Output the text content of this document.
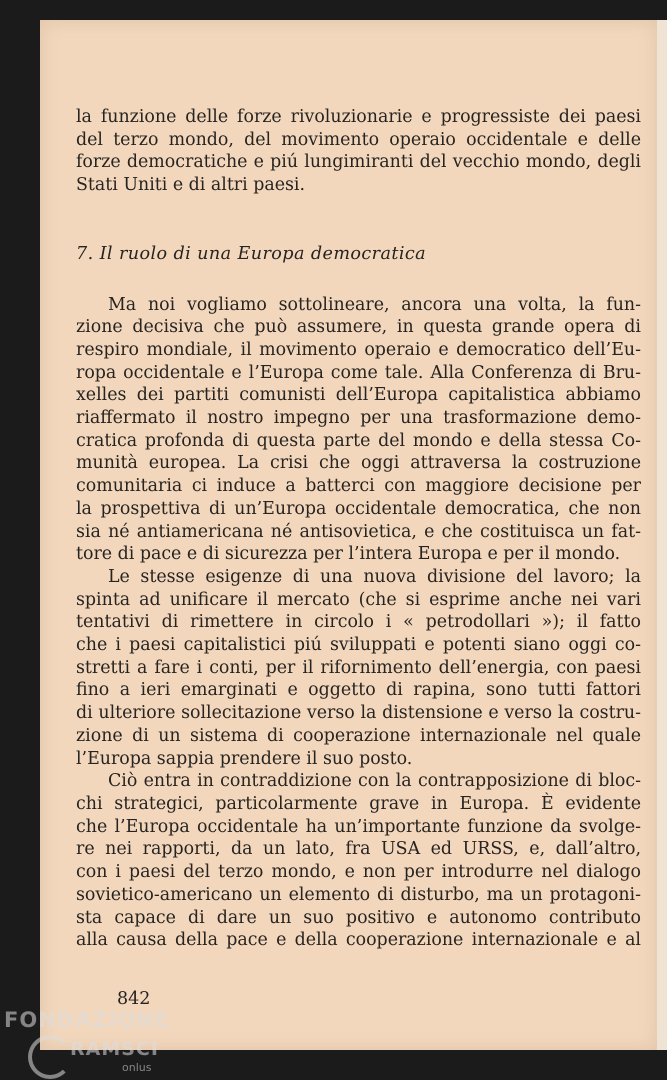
la funzione delle forze rivoluzionarie e progressiste dei paesi

del terzo mondo, del movimento operaio occidentale e delle

forze democratiche e piú lungimiranti del vecchio mondo, degli

Stati Uniti e di altri paesi.

7. Il ruolo di una Europa democratica

Ma noi vogliamo sottolineare, ancora una volta, la fun-

zione decisiva che può assumere, in questa grande opera di

respiro mondiale, il movimento operaio e democratico dell’Eu-

ropa occidentale e l’Europa come tale. Alla Conferenza di Bru-

xelles dei partiti comunisti dell’Europa capitalistica abbiamo

riaffermato il nostro impegno per una trasformazione demo-

cratica profonda di questa parte del mondo e della stessa Co-

munità europea. La crisi che oggi attraversa la costruzione

comunitaria ci induce a batterci con maggiore decisione per

la prospettiva di un’Europa occidentale democratica, che non

sia né antiamericana né antisovietica, e che costituisca un fat-

tore di pace e di sicurezza per l’intera Europa e per il mondo.

Le stesse esigenze di una nuova divisione del lavoro; la

spinta ad unificare il mercato (che si esprime anche nei vari

tentativi di rimettere in circolo i « petrodollari »); il fatto

che i paesi capitalistici piú sviluppati e potenti siano oggi co-

stretti a fare i conti, per il rifornimento dell’energia, con paesi

fino a ieri emarginati e oggetto di rapina, sono tutti fattori

di ulteriore sollecitazione verso la distensione e verso la costru-

zione di un sistema di cooperazione internazionale nel quale

l’Europa sappia prendere il suo posto.

Ciò entra in contraddizione con la contrapposizione di bloc-

chi strategici, particolarmente grave in Europa. È evidente

che l’Europa occidentale ha un’importante funzione da svolge-

re nei rapporti, da un lato, fra USA ed URSS, e, dall’altro,

con i paesi del terzo mondo, e non per introdurre nel dialogo

sovietico-americano un elemento di disturbo, ma un protagoni-

sta capace di dare un suo positivo e autonomo contributo

alla causa della pace e della cooperazione internazionale e al

842
FONDAZIONE
RAMSCI
onlus
